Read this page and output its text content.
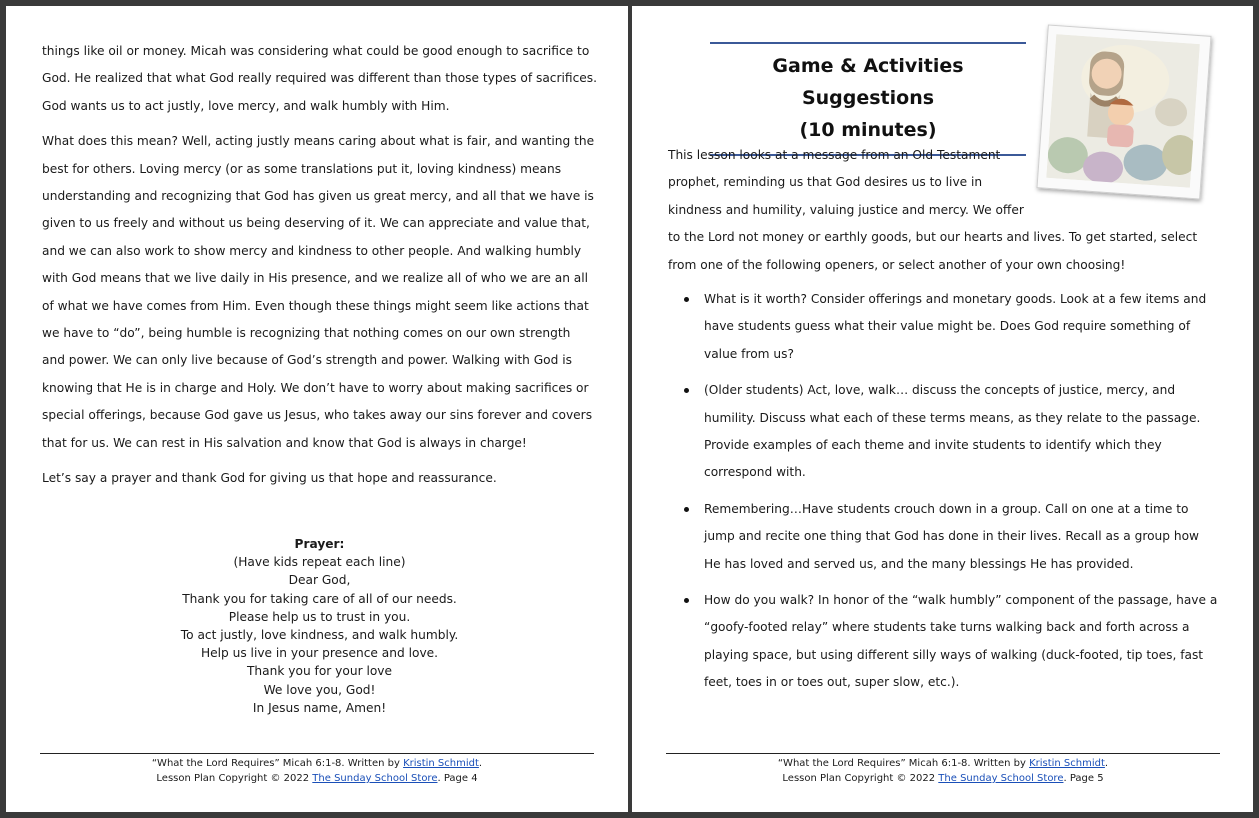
things like oil or money. Micah was considering what could be good enough to sacrifice to God. He realized that what God really required was different than those types of sacrifices. God wants us to act justly, love mercy, and walk humbly with Him.

What does this mean? Well, acting justly means caring about what is fair, and wanting the best for others. Loving mercy (or as some translations put it, loving kindness) means understanding and recognizing that God has given us great mercy, and all that we have is given to us freely and without us being deserving of it. We can appreciate and value that, and we can also work to show mercy and kindness to other people. And walking humbly with God means that we live daily in His presence, and we realize all of who we are an all of what we have comes from Him. Even though these things might seem like actions that we have to “do”, being humble is recognizing that nothing comes on our own strength and power. We can only live because of God’s strength and power. Walking with God is knowing that He is in charge and Holy. We don’t have to worry about making sacrifices or special offerings, because God gave us Jesus, who takes away our sins forever and covers that for us. We can rest in His salvation and know that God is always in charge!

Let’s say a prayer and thank God for giving us that hope and reassurance.

Prayer:
(Have kids repeat each line)
Dear God,
Thank you for taking care of all of our needs.
Please help us to trust in you.
To act justly, love kindness, and walk humbly.
Help us live in your presence and love.
Thank you for your love
We love you, God!
In Jesus name, Amen!
“What the Lord Requires” Micah 6:1-8. Written by Kristin Schmidt.
Lesson Plan Copyright © 2022 The Sunday School Store. Page 4
Game & Activities Suggestions
(10 minutes)
This lesson looks at a message from an Old Testament
prophet, reminding us that God desires us to live in
kindness and humility, valuing justice and mercy. We offer
to the Lord not money or earthly goods, but our hearts and lives. To get started, select
from one of the following openers, or select another of your own choosing!
What is it worth? Consider offerings and monetary goods. Look at a few items and have students guess what their value might be. Does God require something of value from us?
(Older students) Act, love, walk… discuss the concepts of justice, mercy, and humility. Discuss what each of these terms means, as they relate to the passage. Provide examples of each theme and invite students to identify which they correspond with.
Remembering…Have students crouch down in a group. Call on one at a time to jump and recite one thing that God has done in their lives. Recall as a group how He has loved and served us, and the many blessings He has provided.
How do you walk? In honor of the “walk humbly” component of the passage, have a “goofy-footed relay” where students take turns walking back and forth across a playing space, but using different silly ways of walking (duck-footed, tip toes, fast feet, toes in or toes out, super slow, etc.).
“What the Lord Requires” Micah 6:1-8. Written by Kristin Schmidt.
Lesson Plan Copyright © 2022 The Sunday School Store. Page 5
